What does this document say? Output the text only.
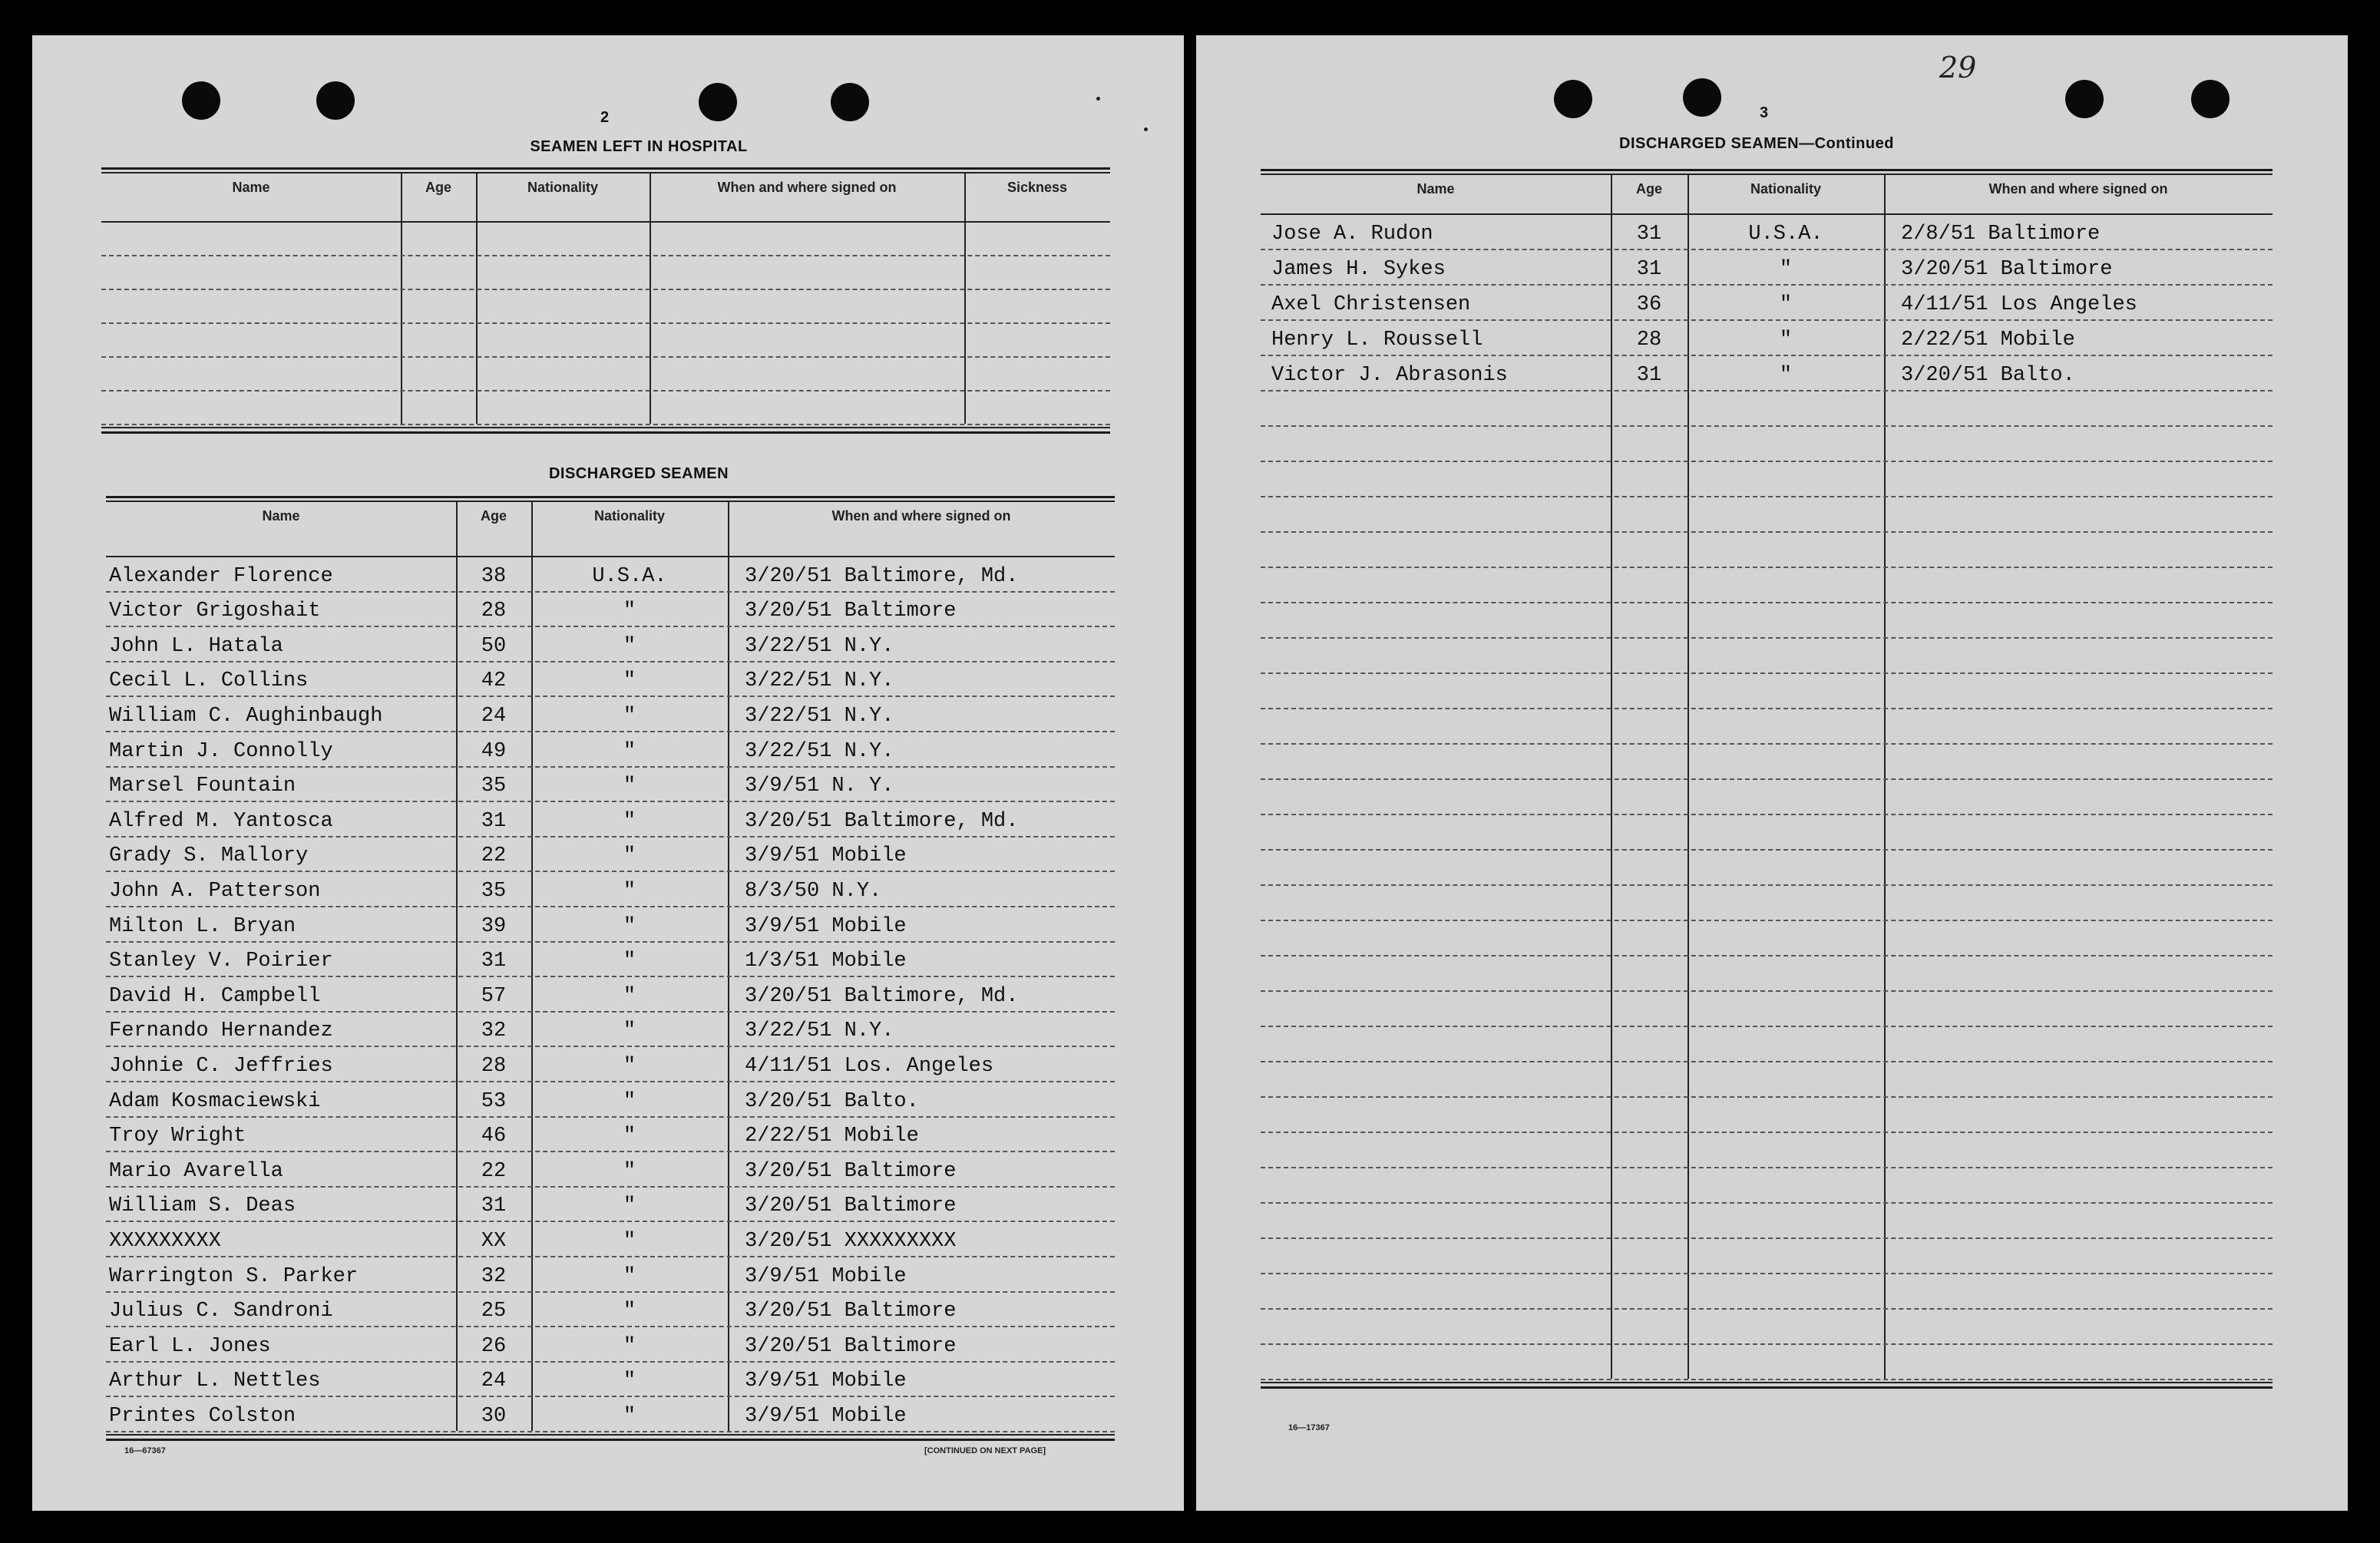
2
SEAMEN LEFT IN HOSPITAL
Name	Age	Nationality	When and where signed on	Sickness
DISCHARGED SEAMEN
Name	Age	Nationality	When and where signed on
Alexander Florence	38	U.S.A.	3/20/51 Baltimore, Md.
Victor Grigoshait	28	"	3/20/51 Baltimore
John L. Hatala	50	"	3/22/51 N.Y.
Cecil L. Collins	42	"	3/22/51 N.Y.
William C. Aughinbaugh	24	"	3/22/51 N.Y.
Martin J. Connolly	49	"	3/22/51 N.Y.
Marsel Fountain	35	"	3/9/51 N. Y.
Alfred M. Yantosca	31	"	3/20/51 Baltimore, Md.
Grady S. Mallory	22	"	3/9/51 Mobile
John A. Patterson	35	"	8/3/50 N.Y.
Milton L. Bryan	39	"	3/9/51 Mobile
Stanley V. Poirier	31	"	1/3/51 Mobile
David H. Campbell	57	"	3/20/51 Baltimore, Md.
Fernando Hernandez	32	"	3/22/51 N.Y.
Johnie C. Jeffries	28	"	4/11/51 Los. Angeles
Adam Kosmaciewski	53	"	3/20/51 Balto.
Troy Wright	46	"	2/22/51 Mobile
Mario Avarella	22	"	3/20/51 Baltimore
William S. Deas	31	"	3/20/51 Baltimore
XXXXXXXXX	XX	"	3/20/51 XXXXXXXXX
Warrington S. Parker	32	"	3/9/51 Mobile
Julius C. Sandroni	25	"	3/20/51 Baltimore
Earl L. Jones	26	"	3/20/51 Baltimore
Arthur L. Nettles	24	"	3/9/51 Mobile
Printes Colston	30	"	3/9/51 Mobile
16—67367	[CONTINUED ON NEXT PAGE]
29
3
DISCHARGED SEAMEN—Continued
Name	Age	Nationality	When and where signed on
Jose A. Rudon	31	U.S.A.	2/8/51 Baltimore
James H. Sykes	31	"	3/20/51 Baltimore
Axel Christensen	36	"	4/11/51 Los Angeles
Henry L. Roussell	28	"	2/22/51 Mobile
Victor J. Abrasonis	31	"	3/20/51 Balto.
16—17367
